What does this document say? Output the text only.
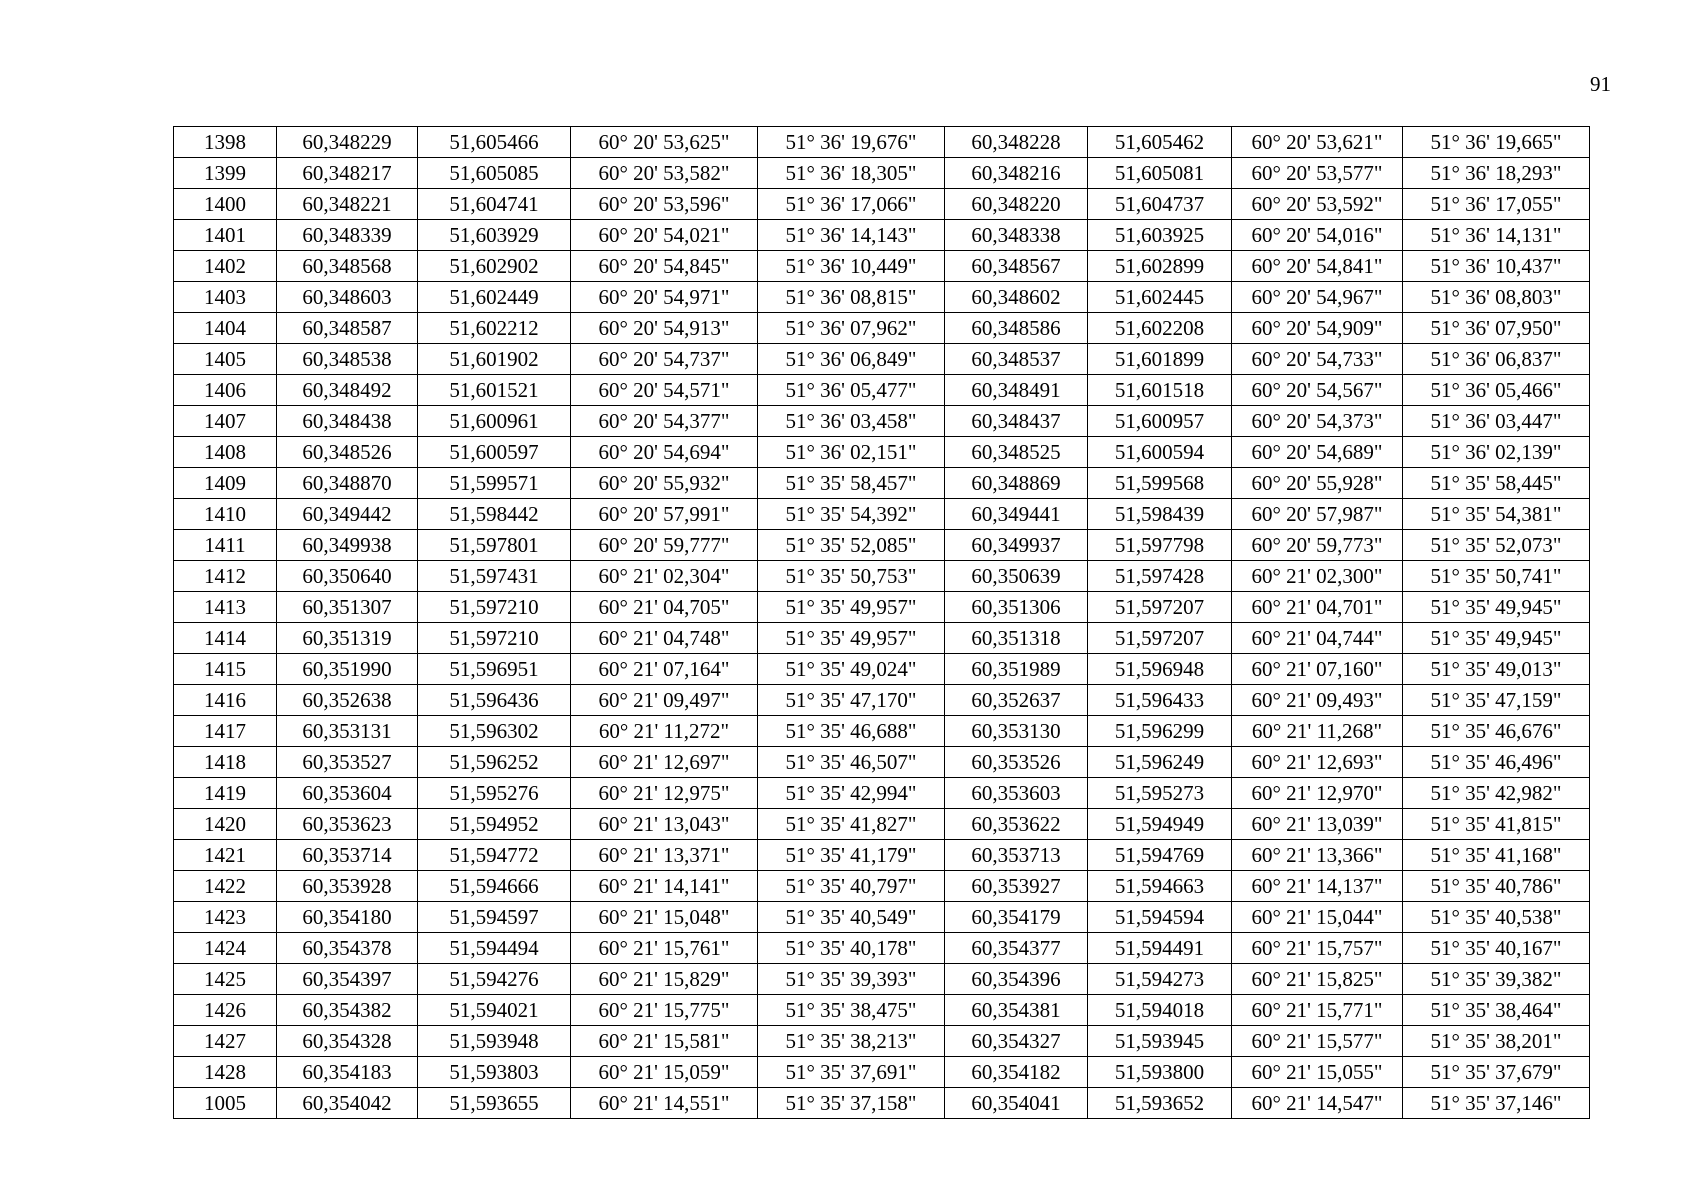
91
1398	60,348229	51,605466	60° 20' 53,625"	51° 36' 19,676"	60,348228	51,605462	60° 20' 53,621"	51° 36' 19,665"
1399	60,348217	51,605085	60° 20' 53,582"	51° 36' 18,305"	60,348216	51,605081	60° 20' 53,577"	51° 36' 18,293"
1400	60,348221	51,604741	60° 20' 53,596"	51° 36' 17,066"	60,348220	51,604737	60° 20' 53,592"	51° 36' 17,055"
1401	60,348339	51,603929	60° 20' 54,021"	51° 36' 14,143"	60,348338	51,603925	60° 20' 54,016"	51° 36' 14,131"
1402	60,348568	51,602902	60° 20' 54,845"	51° 36' 10,449"	60,348567	51,602899	60° 20' 54,841"	51° 36' 10,437"
1403	60,348603	51,602449	60° 20' 54,971"	51° 36' 08,815"	60,348602	51,602445	60° 20' 54,967"	51° 36' 08,803"
1404	60,348587	51,602212	60° 20' 54,913"	51° 36' 07,962"	60,348586	51,602208	60° 20' 54,909"	51° 36' 07,950"
1405	60,348538	51,601902	60° 20' 54,737"	51° 36' 06,849"	60,348537	51,601899	60° 20' 54,733"	51° 36' 06,837"
1406	60,348492	51,601521	60° 20' 54,571"	51° 36' 05,477"	60,348491	51,601518	60° 20' 54,567"	51° 36' 05,466"
1407	60,348438	51,600961	60° 20' 54,377"	51° 36' 03,458"	60,348437	51,600957	60° 20' 54,373"	51° 36' 03,447"
1408	60,348526	51,600597	60° 20' 54,694"	51° 36' 02,151"	60,348525	51,600594	60° 20' 54,689"	51° 36' 02,139"
1409	60,348870	51,599571	60° 20' 55,932"	51° 35' 58,457"	60,348869	51,599568	60° 20' 55,928"	51° 35' 58,445"
1410	60,349442	51,598442	60° 20' 57,991"	51° 35' 54,392"	60,349441	51,598439	60° 20' 57,987"	51° 35' 54,381"
1411	60,349938	51,597801	60° 20' 59,777"	51° 35' 52,085"	60,349937	51,597798	60° 20' 59,773"	51° 35' 52,073"
1412	60,350640	51,597431	60° 21' 02,304"	51° 35' 50,753"	60,350639	51,597428	60° 21' 02,300"	51° 35' 50,741"
1413	60,351307	51,597210	60° 21' 04,705"	51° 35' 49,957"	60,351306	51,597207	60° 21' 04,701"	51° 35' 49,945"
1414	60,351319	51,597210	60° 21' 04,748"	51° 35' 49,957"	60,351318	51,597207	60° 21' 04,744"	51° 35' 49,945"
1415	60,351990	51,596951	60° 21' 07,164"	51° 35' 49,024"	60,351989	51,596948	60° 21' 07,160"	51° 35' 49,013"
1416	60,352638	51,596436	60° 21' 09,497"	51° 35' 47,170"	60,352637	51,596433	60° 21' 09,493"	51° 35' 47,159"
1417	60,353131	51,596302	60° 21' 11,272"	51° 35' 46,688"	60,353130	51,596299	60° 21' 11,268"	51° 35' 46,676"
1418	60,353527	51,596252	60° 21' 12,697"	51° 35' 46,507"	60,353526	51,596249	60° 21' 12,693"	51° 35' 46,496"
1419	60,353604	51,595276	60° 21' 12,975"	51° 35' 42,994"	60,353603	51,595273	60° 21' 12,970"	51° 35' 42,982"
1420	60,353623	51,594952	60° 21' 13,043"	51° 35' 41,827"	60,353622	51,594949	60° 21' 13,039"	51° 35' 41,815"
1421	60,353714	51,594772	60° 21' 13,371"	51° 35' 41,179"	60,353713	51,594769	60° 21' 13,366"	51° 35' 41,168"
1422	60,353928	51,594666	60° 21' 14,141"	51° 35' 40,797"	60,353927	51,594663	60° 21' 14,137"	51° 35' 40,786"
1423	60,354180	51,594597	60° 21' 15,048"	51° 35' 40,549"	60,354179	51,594594	60° 21' 15,044"	51° 35' 40,538"
1424	60,354378	51,594494	60° 21' 15,761"	51° 35' 40,178"	60,354377	51,594491	60° 21' 15,757"	51° 35' 40,167"
1425	60,354397	51,594276	60° 21' 15,829"	51° 35' 39,393"	60,354396	51,594273	60° 21' 15,825"	51° 35' 39,382"
1426	60,354382	51,594021	60° 21' 15,775"	51° 35' 38,475"	60,354381	51,594018	60° 21' 15,771"	51° 35' 38,464"
1427	60,354328	51,593948	60° 21' 15,581"	51° 35' 38,213"	60,354327	51,593945	60° 21' 15,577"	51° 35' 38,201"
1428	60,354183	51,593803	60° 21' 15,059"	51° 35' 37,691"	60,354182	51,593800	60° 21' 15,055"	51° 35' 37,679"
1005	60,354042	51,593655	60° 21' 14,551"	51° 35' 37,158"	60,354041	51,593652	60° 21' 14,547"	51° 35' 37,146"
